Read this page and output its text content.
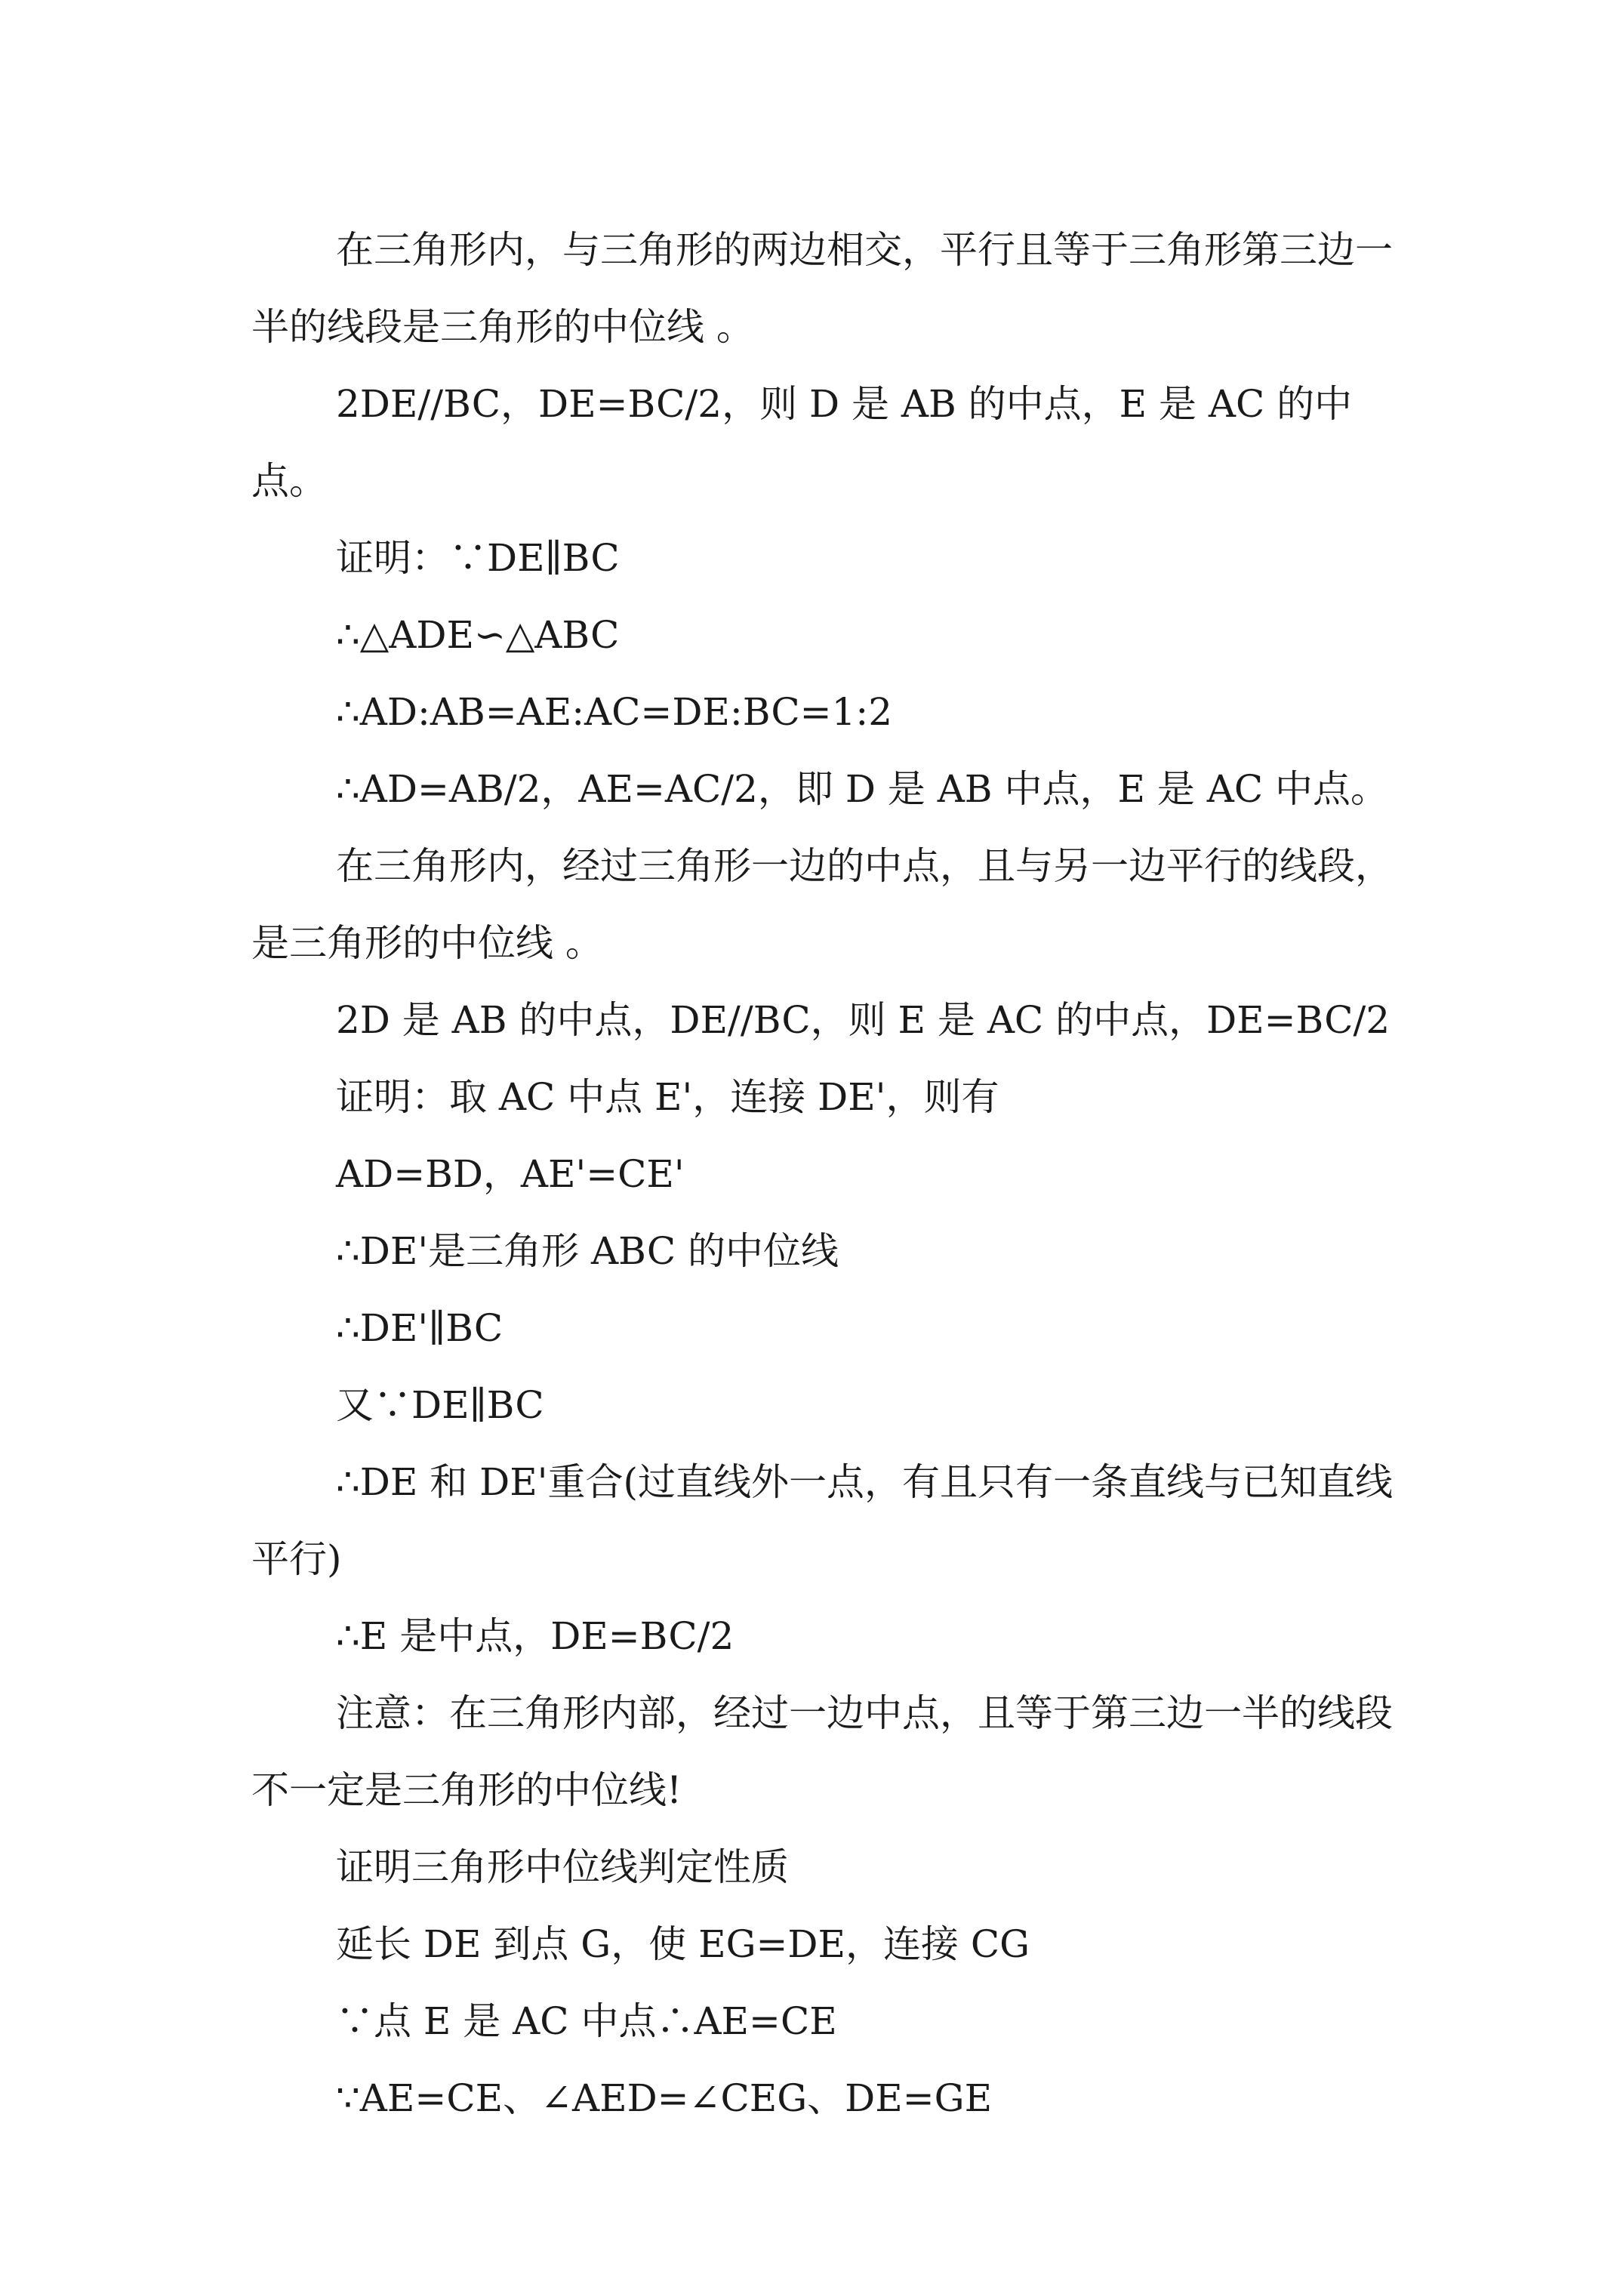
在三角形内，与三角形的两边相交，平行且等于三角形第三边一半的线段是三角形的中位线 。

2DE//BC，DE=BC/2，则 D 是 AB 的中点，E 是 AC 的中点。

证明：∵DE∥BC

∴△ADE∽△ABC

∴AD:AB=AE:AC=DE:BC=1:2

∴AD=AB/2，AE=AC/2，即 D 是 AB 中点，E 是 AC 中点。

在三角形内，经过三角形一边的中点，且与另一边平行的线段，是三角形的中位线 。

2D 是 AB 的中点，DE//BC，则 E 是 AC 的中点，DE=BC/2

证明：取 AC 中点 E'，连接 DE'，则有

AD=BD，AE'=CE'

∴DE'是三角形 ABC 的中位线

∴DE'∥BC

又∵DE∥BC

∴DE 和 DE'重合(过直线外一点，有且只有一条直线与已知直线平行)

∴E 是中点，DE=BC/2

注意：在三角形内部，经过一边中点，且等于第三边一半的线段不一定是三角形的中位线!

证明三角形中位线判定性质

延长 DE 到点 G，使 EG=DE，连接 CG

∵点 E 是 AC 中点∴AE=CE

∵AE=CE、∠AED=∠CEG、DE=GE
